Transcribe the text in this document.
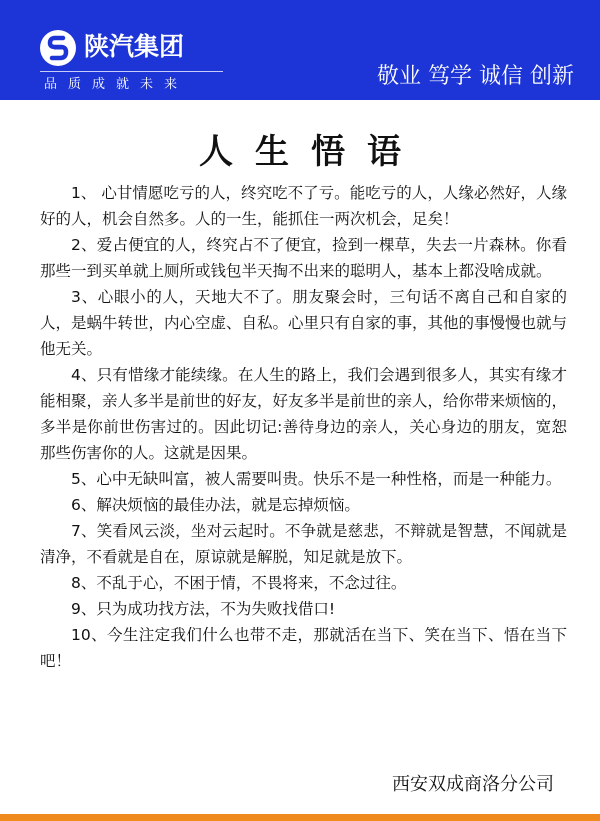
陕汽集团
品质成就未来	敬业 笃学 诚信 创新
人生悟语

1、 心甘情愿吃亏的人，终究吃不了亏。能吃亏的人，人缘必然好，人缘好的人，机会自然多。人的一生，能抓住一两次机会，足矣！

2、爱占便宜的人，终究占不了便宜，捡到一棵草，失去一片森林。你看那些一到买单就上厕所或钱包半天掏不出来的聪明人，基本上都没啥成就。

3、心眼小的人，天地大不了。朋友聚会时，三句话不离自己和自家的人，是蜗牛转世，内心空虚、自私。心里只有自家的事，其他的事慢慢也就与他无关。

4、只有惜缘才能续缘。在人生的路上，我们会遇到很多人，其实有缘才能相聚，亲人多半是前世的好友，好友多半是前世的亲人，给你带来烦恼的，多半是你前世伤害过的。因此切记:善待身边的亲人，关心身边的朋友，宽恕那些伤害你的人。这就是因果。

5、心中无缺叫富，被人需要叫贵。快乐不是一种性格，而是一种能力。

6、解决烦恼的最佳办法，就是忘掉烦恼。

7、笑看风云淡，坐对云起时。不争就是慈悲，不辩就是智慧，不闻就是清净，不看就是自在，原谅就是解脱，知足就是放下。

8、不乱于心，不困于情，不畏将来，不念过往。

9、只为成功找方法，不为失败找借口!

10、今生注定我们什么也带不走，那就活在当下、笑在当下、悟在当下吧！

西安双成商洛分公司
